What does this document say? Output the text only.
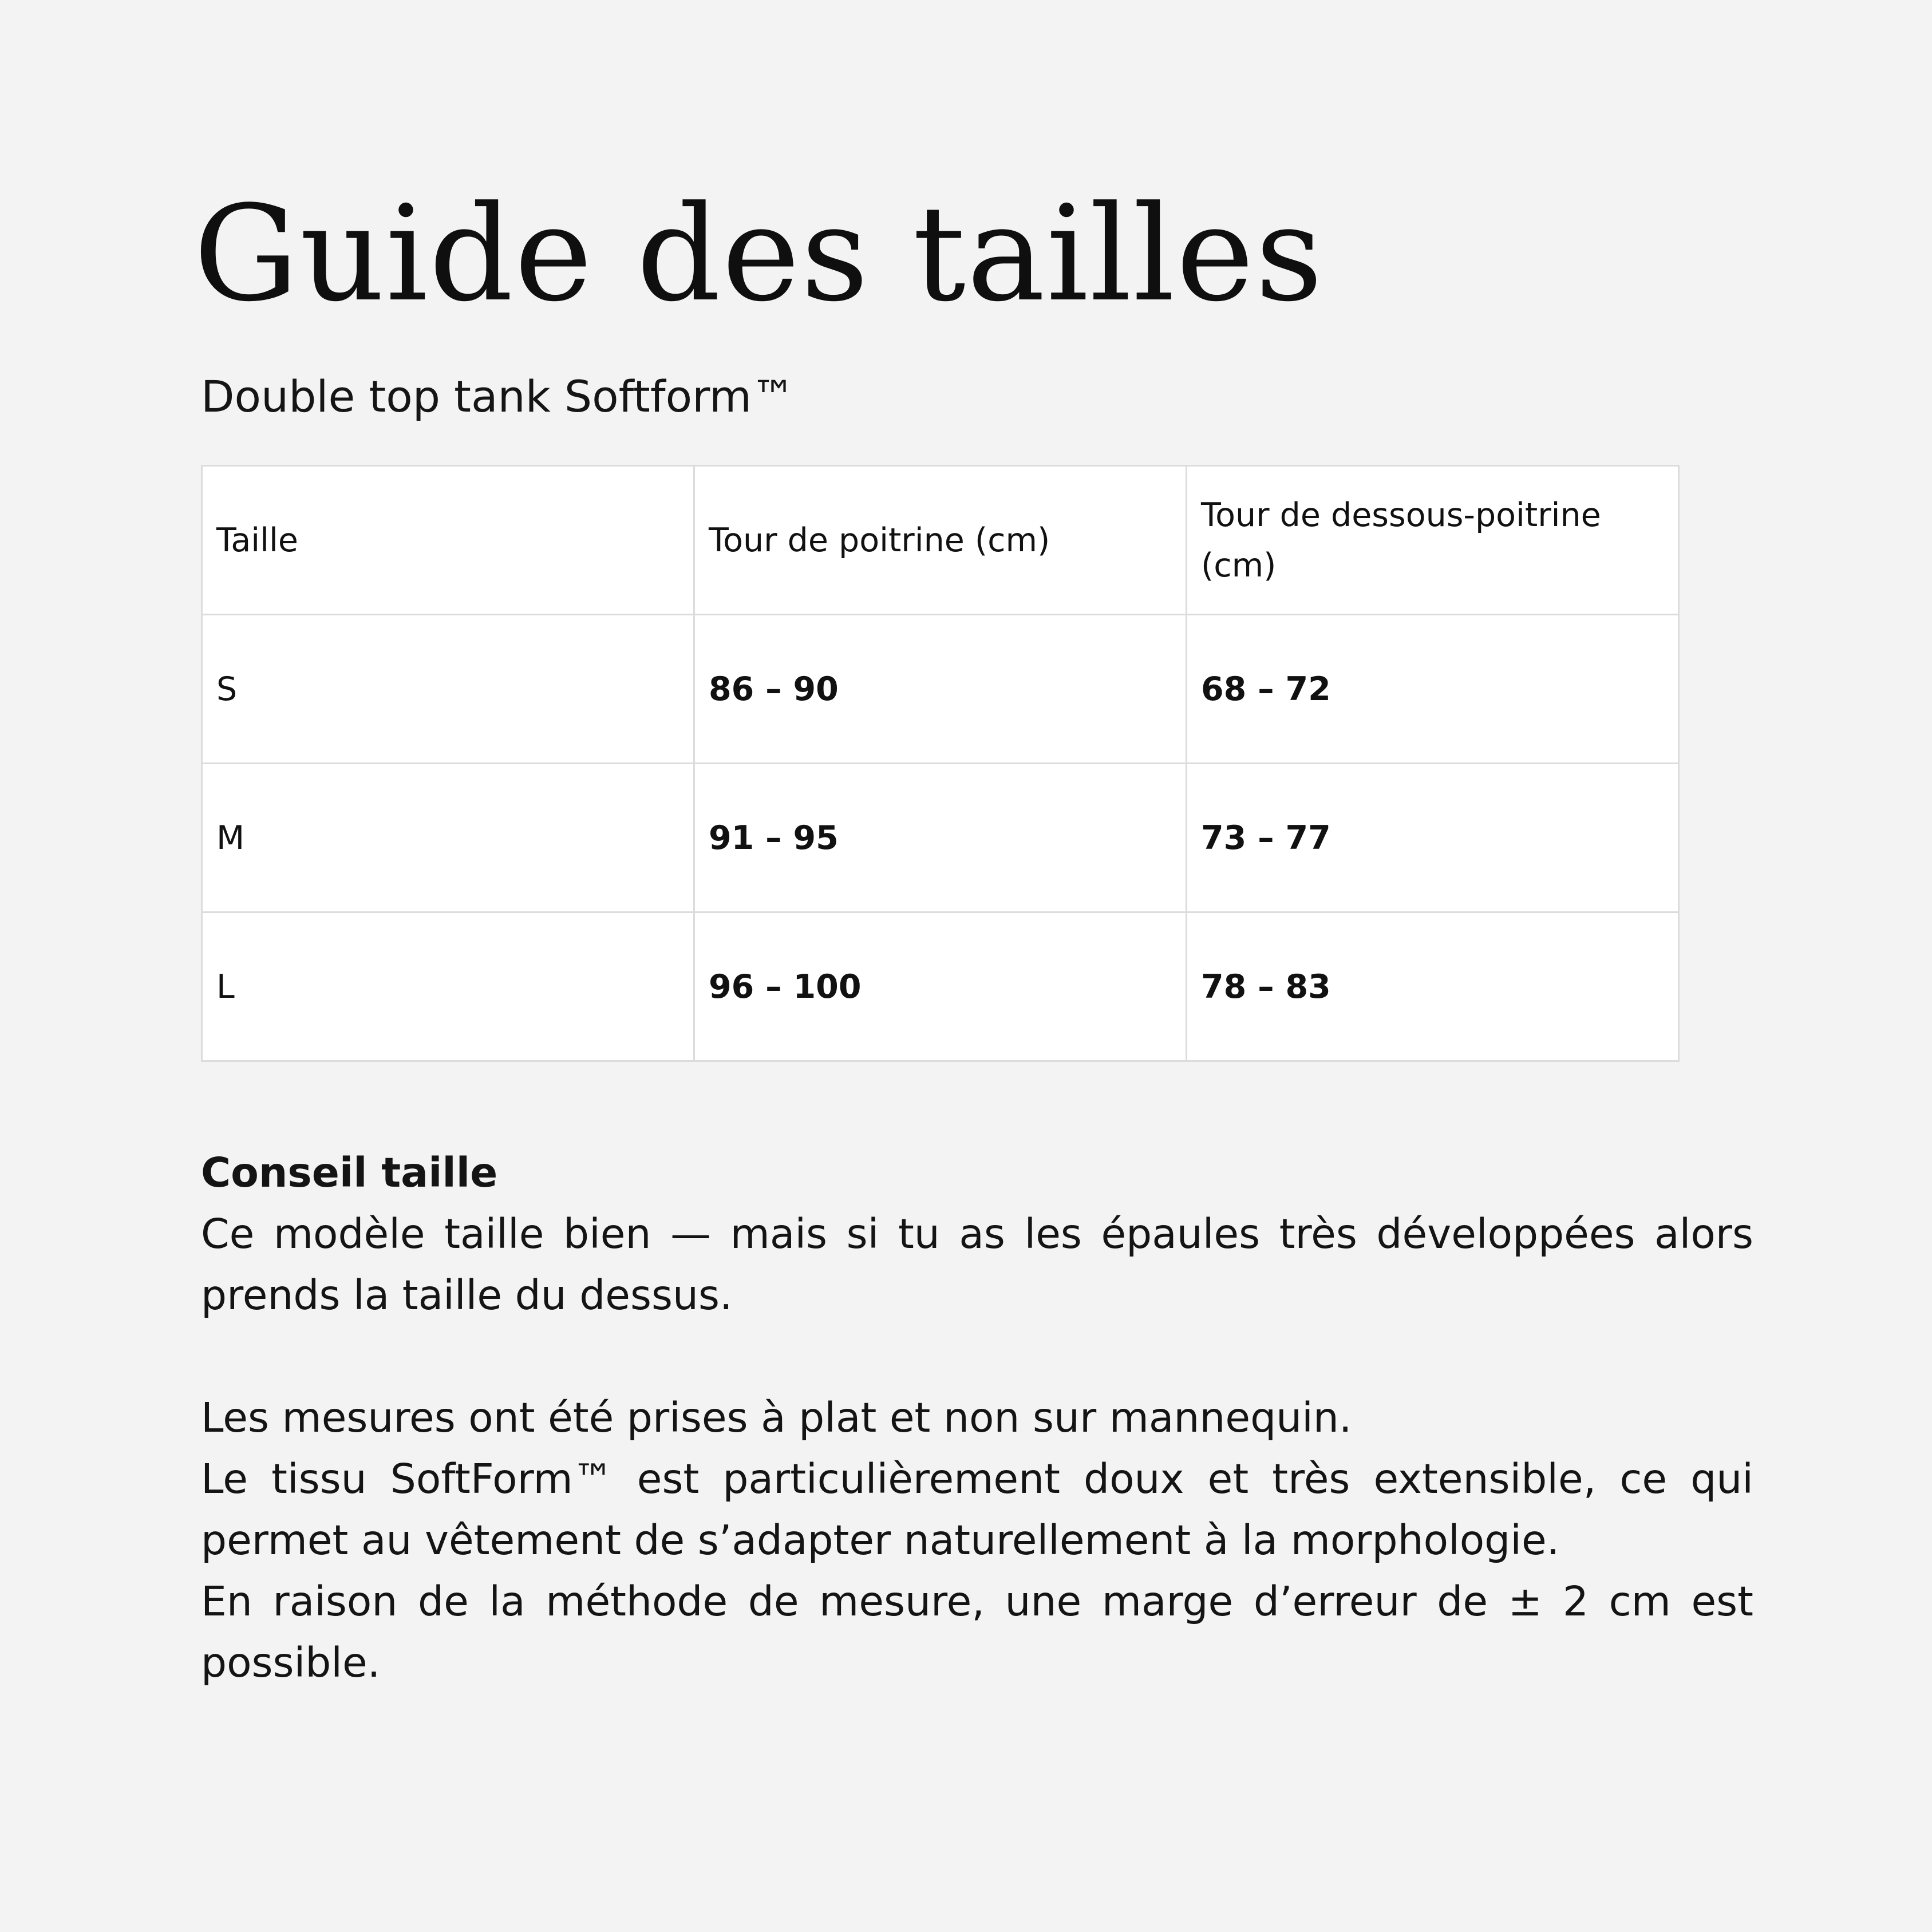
Guide des tailles

Double top tank Softform™

Taille	Tour de poitrine (cm)	Tour de dessous-poitrine (cm)
S	86 – 90	68 – 72
M	91 – 95	73 – 77
L	96 – 100	78 – 83

Conseil taille

Ce modèle taille bien — mais si tu as les épaules très développées alors prends la taille du dessus.

Les mesures ont été prises à plat et non sur mannequin.

Le tissu SoftForm™ est particulièrement doux et très extensible, ce qui permet au vêtement de s’adapter naturellement à la morphologie.

En raison de la méthode de mesure, une marge d’erreur de ± 2 cm est possible.
